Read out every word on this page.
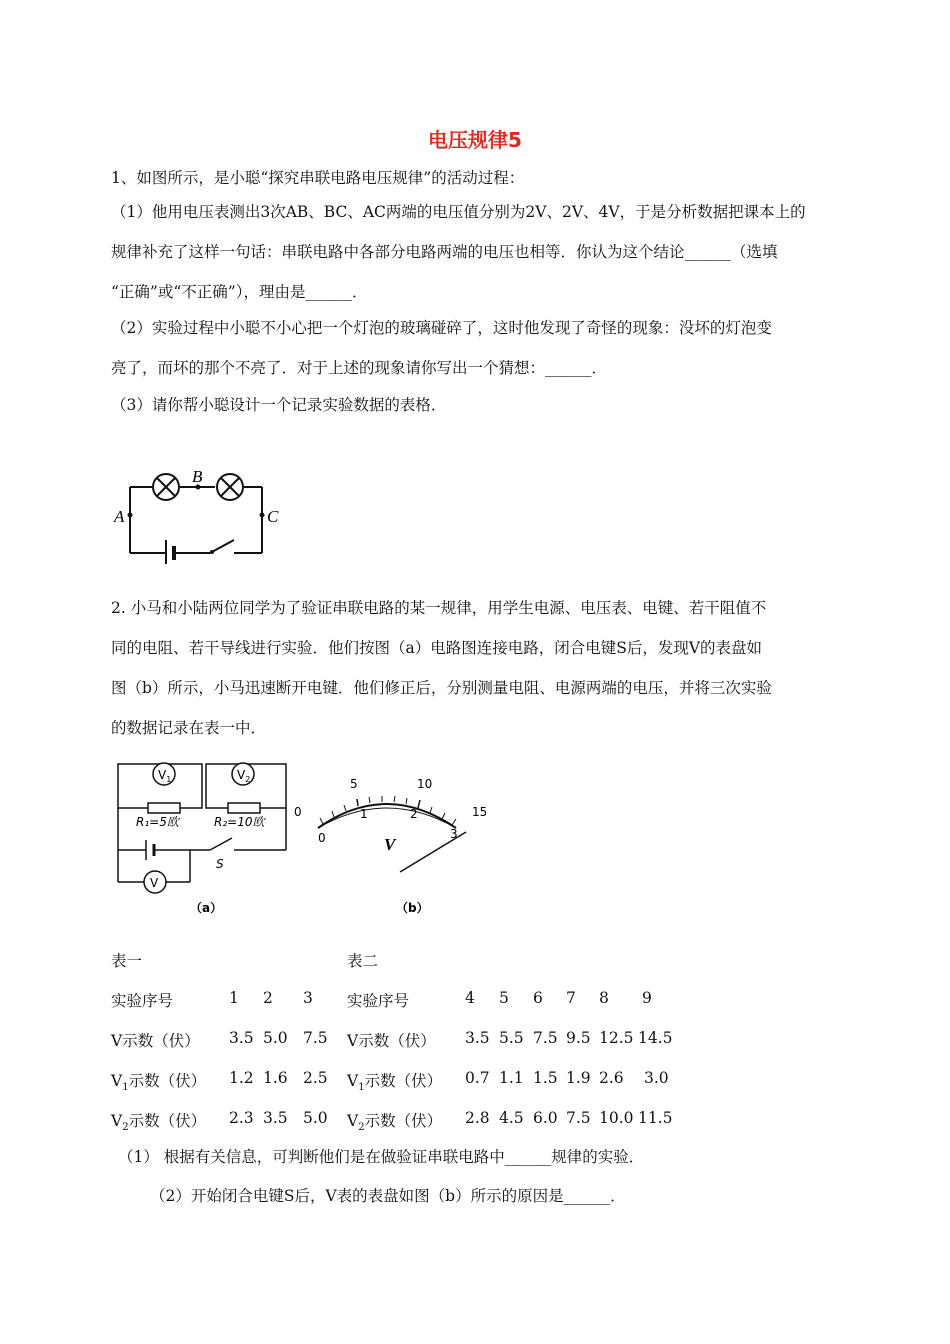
电压规律5
1、如图所示，是小聪“探究串联电路电压规律”的活动过程：
（1）他用电压表测出3次AB、BC、AC两端的电压值分别为2V、2V、4V，于是分析数据把课本上的
规律补充了这样一句话：串联电路中各部分电路两端的电压也相等．你认为这个结论______（选填
“正确”或“不正确”），理由是______．
（2）实验过程中小聪不小心把一个灯泡的玻璃碰碎了，这时他发现了奇怪的现象：没坏的灯泡变
亮了，而坏的那个不亮了．对于上述的现象请你写出一个猜想：______．
（3）请你帮小聪设计一个记录实验数据的表格．
A
B
C
2. 小马和小陆两位同学为了验证串联电路的某一规律，用学生电源、电压表、电键、若干阻值不
同的电阻、若干导线进行实验．他们按图（a）电路图连接电路，闭合电键S后，发现V的表盘如
图（b）所示，小马迅速断开电键．他们修正后，分别测量电阻、电源两端的电压，并将三次实验
的数据记录在表一中．
$V_1$	$V_2$
R₁=5欧	R₂=10欧
S
V
（a）
0
5	10
15
0
1	2
3
V
（b）
表一
实验序号	1 2 3
V示数（伏） 3.5 5.0 7.5
$V_1$示数（伏） 1.2 1.6 2.5
$V_2$示数（伏） 2.3 3.5 5.0
表二
实验序号	4 5 6 7 8 9
V示数（伏） 3.5 5.5 7.5 9.5 12.5 14.5
$V_1$示数（伏） 0.7 1.1 1.5 1.9 2.6 3.0
$V_2$示数（伏） 2.8 4.5 6.0 7.5 10.0 11.5
（1） 根据有关信息，可判断他们是在做验证串联电路中______规律的实验．
（2）开始闭合电键S后，V表的表盘如图（b）所示的原因是______．
